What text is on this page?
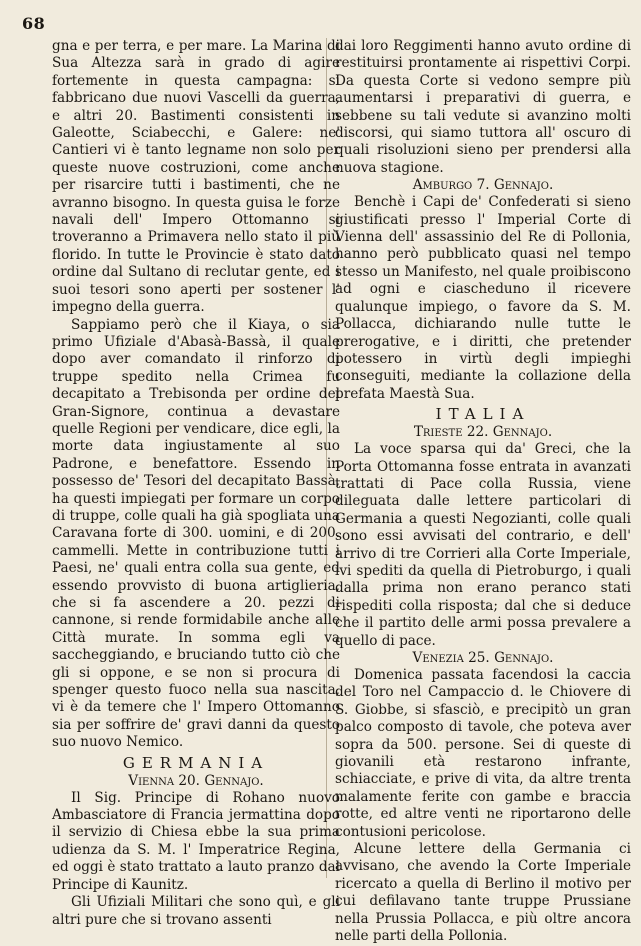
68

gna e per terra, e per mare. La Marina di Sua Altezza sarà in grado di agire fortemente in questa campagna: si fabbricano due nuovi Vascelli da guerra, e altri 20. Bastimenti consistenti in Galeotte, Sciabecchi, e Galere: ne' Cantieri vi è tanto legname non solo per queste nuove costruzioni, come anche per risarcire tutti i bastimenti, che ne avranno bisogno. In questa guisa le forze navali dell' Impero Ottomanno si troveranno a Primavera nello stato il più florido. In tutte le Provincie è stato dato ordine dal Sultano di reclutar gente, ed i suoi tesori sono aperti per sostener l' impegno della guerra.

Sappiamo però che il Kiaya, o sia primo Ufiziale d'Abasà-Bassà, il quale dopo aver comandato il rinforzo di truppe spedito nella Crimea fu decapitato a Trebisonda per ordine del Gran-Signore, continua a devastare quelle Regioni per vendicare, dice egli, la morte data ingiustamente al suo Padrone, e benefattore. Essendo in possesso de' Tesori del decapitato Bassà, ha questi impiegati per formare un corpo di truppe, colle quali ha già spogliata una Caravana forte di 300. uomini, e di 200. cammelli. Mette in contribuzione tutti i Paesi, ne' quali entra colla sua gente, ed essendo provvisto di buona artiglieria, che si fa ascendere a 20. pezzi di cannone, si rende formidabile anche alle Città murate. In somma egli va saccheggiando, e bruciando tutto ciò che gli si oppone, e se non si procura di spenger questo fuoco nella sua nascita, vi è da temere che l' Impero Ottomanno sia per soffrire de' gravi danni da questo suo nuovo Nemico.

GERMANIA

Vienna 20. Gennajo.

Il Sig. Principe di Rohano nuovo Ambasciatore di Francia jermattina dopo il servizio di Chiesa ebbe la sua prima udienza da S. M. l' Imperatrice Regina, ed oggi è stato trattato a lauto pranzo dal Principe di Kaunitz.

Gli Ufiziali Militari che sono quì, e gli altri pure che si trovano assenti

dai loro Reggimenti hanno avuto ordine di restituirsi prontamente ai rispettivi Corpi. Da questa Corte si vedono sempre più aumentarsi i preparativi di guerra, e sebbene su tali vedute si avanzino molti discorsi, qui siamo tuttora all' oscuro di quali risoluzioni sieno per prendersi alla nuova stagione.

Amburgo 7. Gennajo.

Benchè i Capi de' Confederati si sieno giustificati presso l' Imperial Corte di Vienna dell' assassinio del Re di Pollonia, hanno però pubblicato quasi nel tempo stesso un Manifesto, nel quale proibiscono ad ogni e ciascheduno il ricevere qualunque impiego, o favore da S. M. Pollacca, dichiarando nulle tutte le prerogative, e i diritti, che pretender potessero in virtù degli impieghi conseguiti, mediante la collazione della prefata Maestà Sua.

ITALIA

Trieste 22. Gennajo.

La voce sparsa qui da' Greci, che la Porta Ottomanna fosse entrata in avanzati trattati di Pace colla Russia, viene dileguata dalle lettere particolari di Germania a questi Negozianti, colle quali sono essi avvisati del contrario, e dell' arrivo di tre Corrieri alla Corte Imperiale, ivi spediti da quella di Pietroburgo, i quali dalla prima non erano peranco stati rispediti colla risposta; dal che si deduce che il partito delle armi possa prevalere a quello di pace.

Venezia 25. Gennajo.

Domenica passata facendosi la caccia del Toro nel Campaccio d. le Chiovere di S. Giobbe, si sfasciò, e precipitò un gran palco composto di tavole, che poteva aver sopra da 500. persone. Sei di queste di giovanili età restarono infrante, schiacciate, e prive di vita, da altre trenta malamente ferite con gambe e braccia rotte, ed altre venti ne riportarono delle contusioni pericolose.

Alcune lettere della Germania ci avvisano, che avendo la Corte Imperiale ricercato a quella di Berlino il motivo per cui defilavano tante truppe Prussiane nella Prussia Pollacca, e più oltre ancora nelle parti della Pollonia.
